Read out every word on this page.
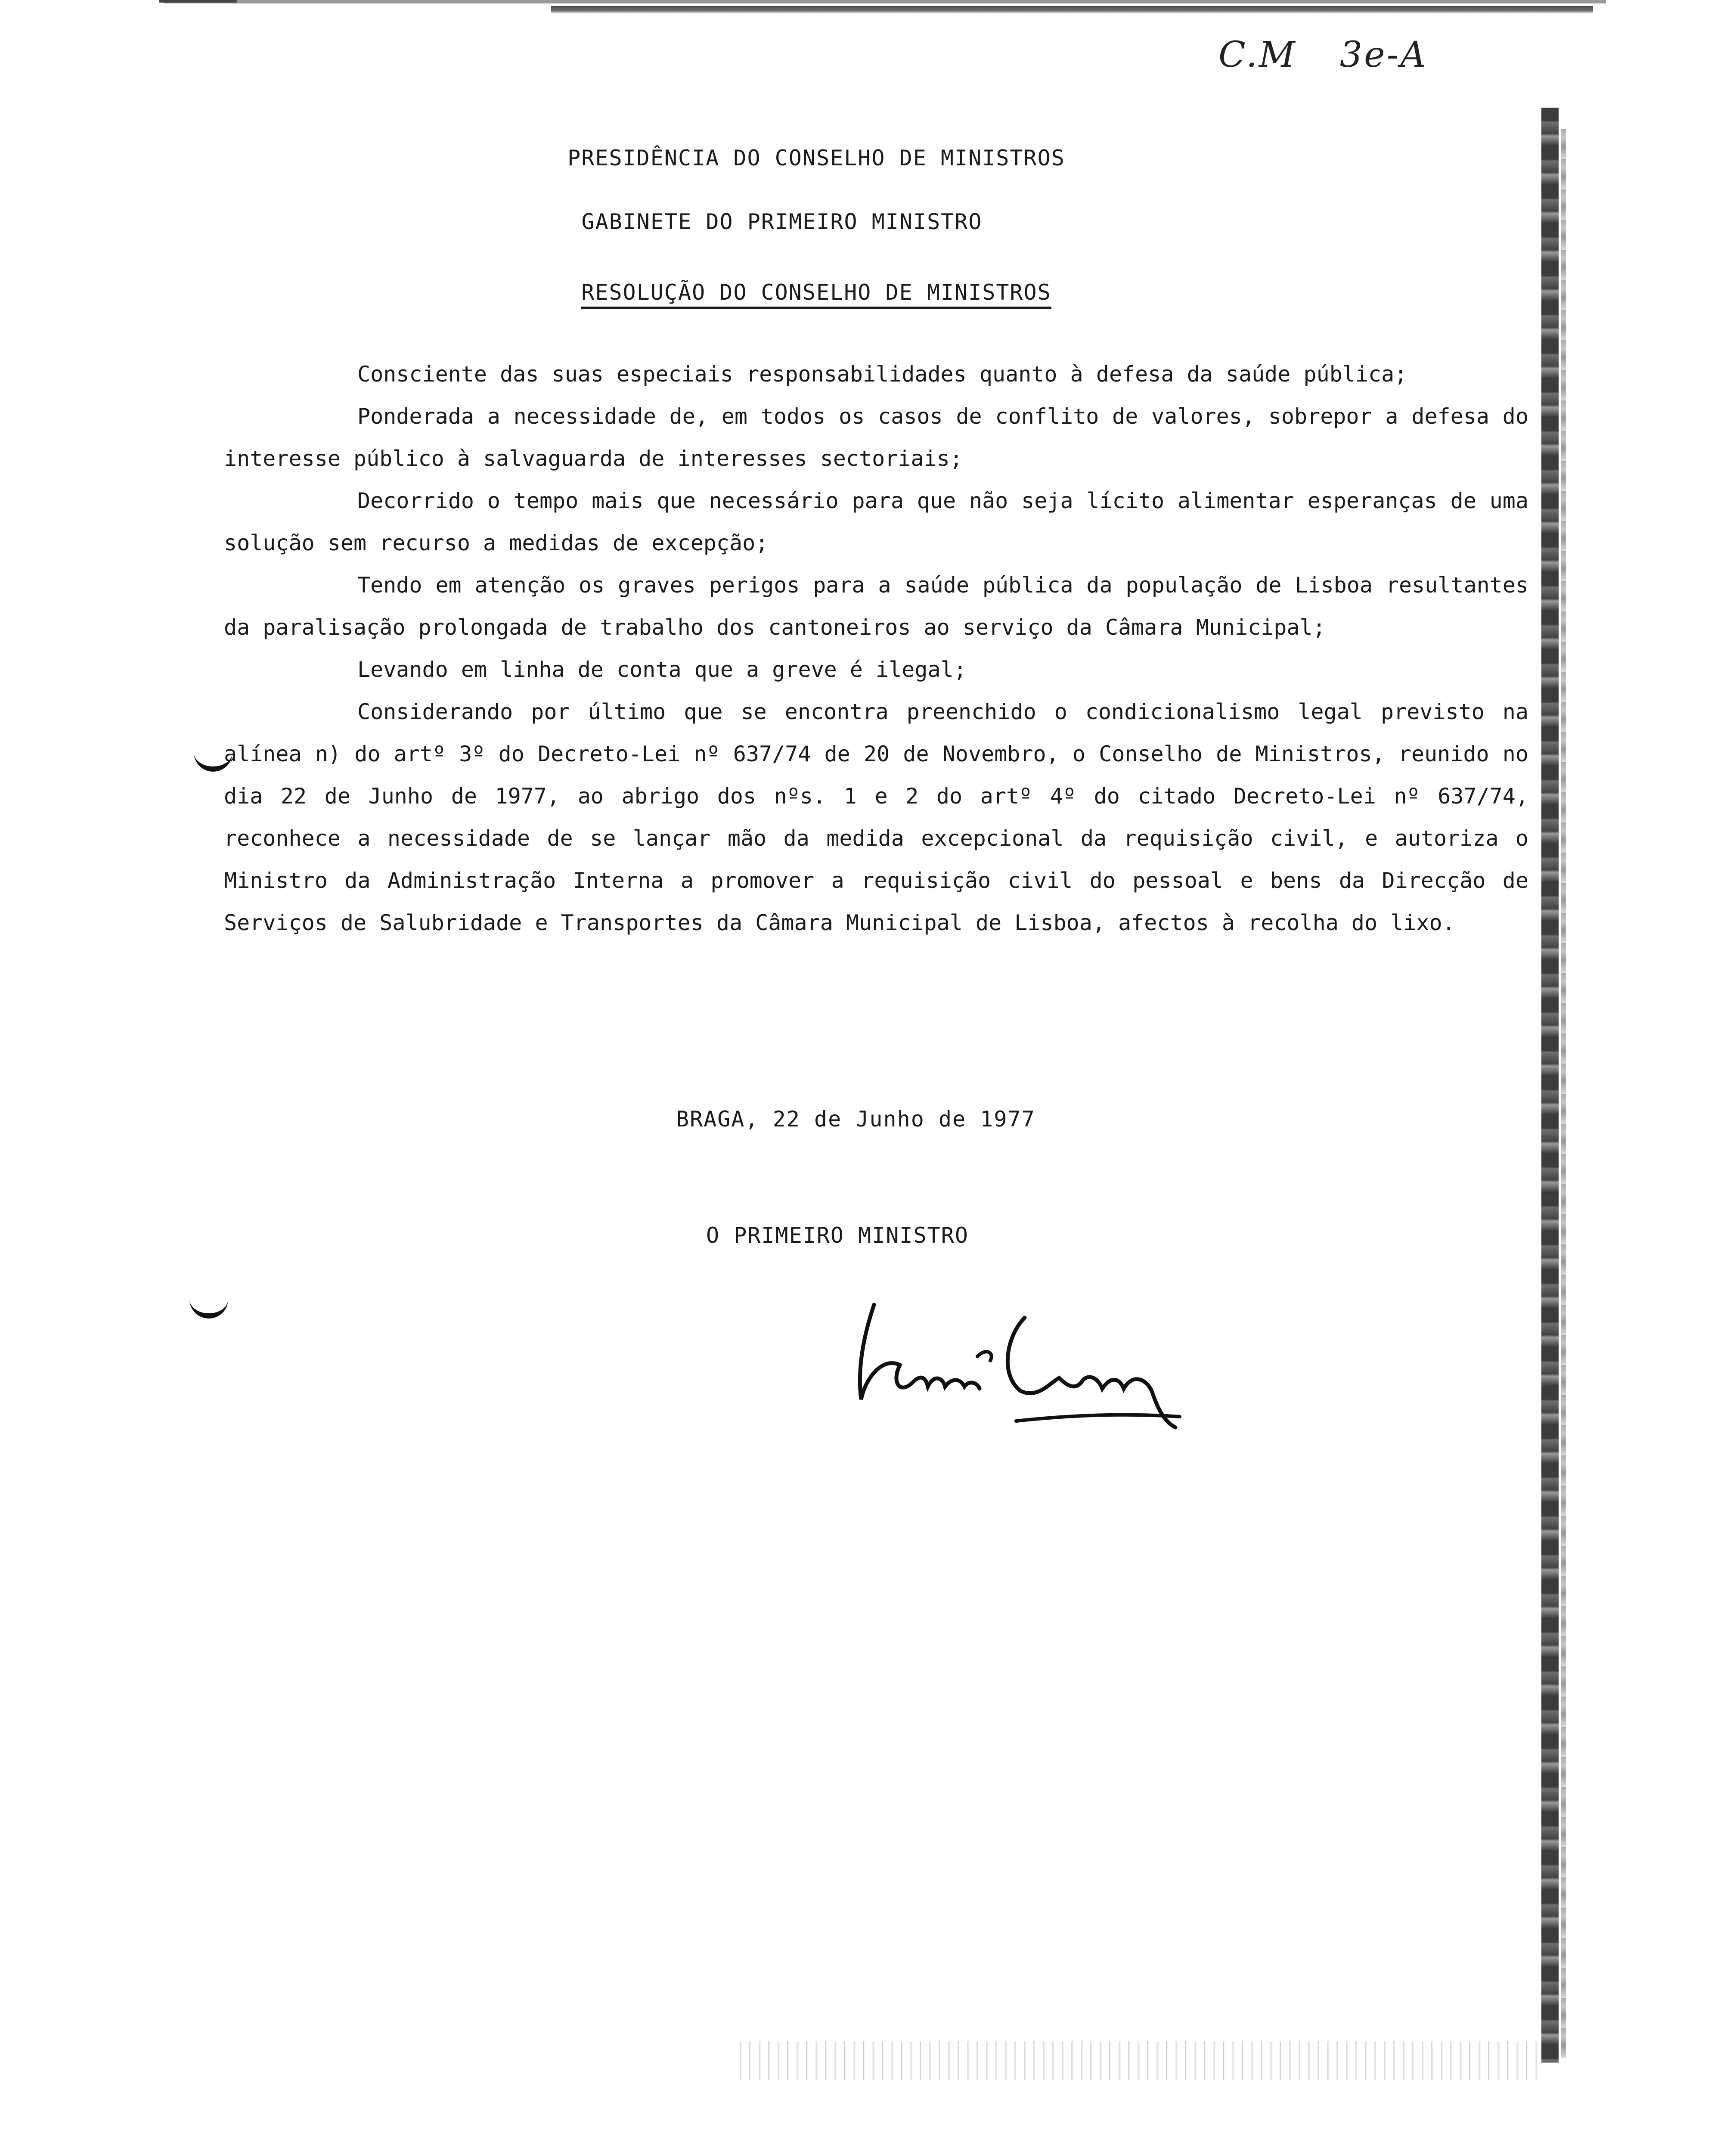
C.M 3e-A
PRESIDÊNCIA DO CONSELHO DE MINISTROS
GABINETE DO PRIMEIRO MINISTRO
RESOLUÇÃO DO CONSELHO DE MINISTROS

Consciente das suas especiais responsabilidades quanto à defesa da saúde pública;

Ponderada a necessidade de, em todos os casos de conflito de valores, sobrepor a defesa do interesse público à salvaguarda de interesses sectoriais;

Decorrido o tempo mais que necessário para que não seja lícito alimentar esperanças de uma solução sem recurso a medidas de excepção;

Tendo em atenção os graves perigos para a saúde pública da população de Lisboa resultantes da paralisação prolongada de trabalho dos cantoneiros ao serviço da Câmara Municipal;

Levando em linha de conta que a greve é ilegal;

Considerando por último que se encontra preenchido o condicionalismo legal previsto na alínea n) do artº 3º do Decreto-Lei nº 637/74 de 20 de Novembro, o Conselho de Ministros, reunido no dia 22 de Junho de 1977, ao abrigo dos nºs. 1 e 2 do artº 4º do citado Decreto-Lei nº 637/74, reconhece a necessidade de se lançar mão da medida excepcional da requisição civil, e autoriza o Ministro da Administração Interna a promover a requisição civil do pessoal e bens da Direcção de Serviços de Salubridade e Transportes da Câmara Municipal de Lisboa, afectos à recolha do lixo.

BRAGA, 22 de Junho de 1977
O PRIMEIRO MINISTRO
